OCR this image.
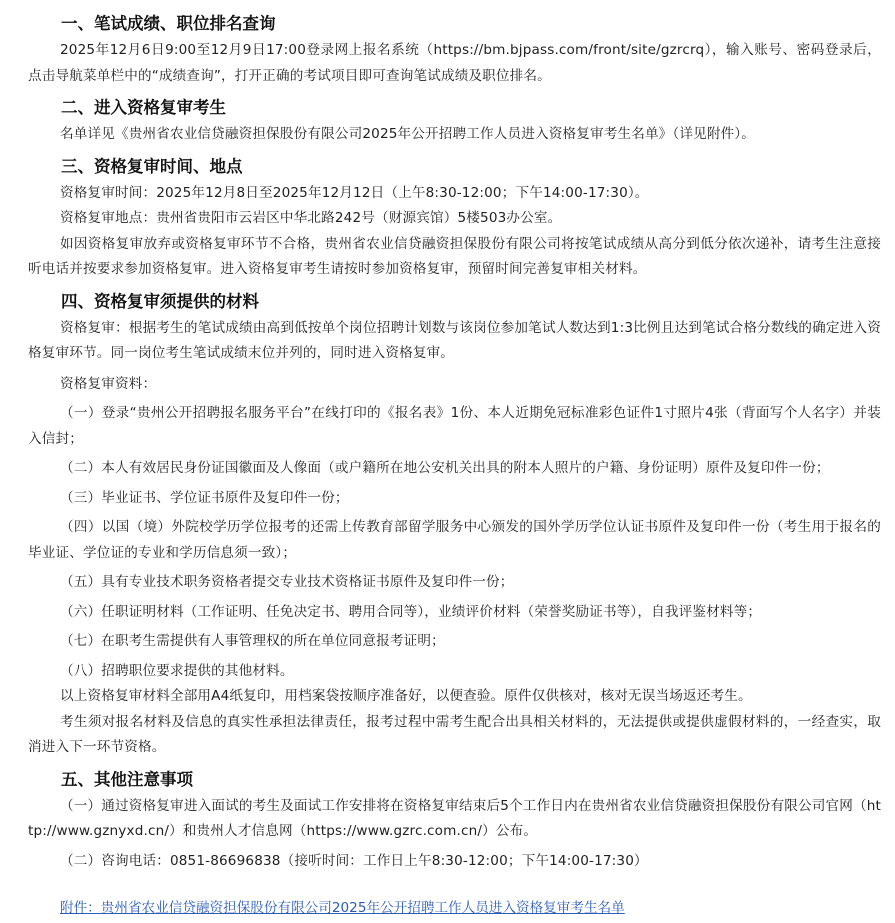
一、笔试成绩、职位排名查询

2025年12月6日9:00至12月9日17:00登录网上报名系统（https://bm.bjpass.com/front/site/gzrcrq），输入账号、密码登录后，点击导航菜单栏中的“成绩查询”，打开正确的考试项目即可查询笔试成绩及职位排名。

二、进入资格复审考生

名单详见《贵州省农业信贷融资担保股份有限公司2025年公开招聘工作人员进入资格复审考生名单》（详见附件）。

三、资格复审时间、地点

资格复审时间：2025年12月8日至2025年12月12日（上午8:30-12:00；下午14:00-17:30）。

资格复审地点：贵州省贵阳市云岩区中华北路242号（财源宾馆）5楼503办公室。

如因资格复审放弃或资格复审环节不合格，贵州省农业信贷融资担保股份有限公司将按笔试成绩从高分到低分依次递补，请考生注意接听电话并按要求参加资格复审。进入资格复审考生请按时参加资格复审，预留时间完善复审相关材料。

四、资格复审须提供的材料

资格复审：根据考生的笔试成绩由高到低按单个岗位招聘计划数与该岗位参加笔试人数达到1:3比例且达到笔试合格分数线的确定进入资格复审环节。同一岗位考生笔试成绩末位并列的，同时进入资格复审。

资格复审资料：

（一）登录“贵州公开招聘报名服务平台”在线打印的《报名表》1份、本人近期免冠标准彩色证件1寸照片4张（背面写个人名字）并装入信封；

（二）本人有效居民身份证国徽面及人像面（或户籍所在地公安机关出具的附本人照片的户籍、身份证明）原件及复印件一份；

（三）毕业证书、学位证书原件及复印件一份；

（四）以国（境）外院校学历学位报考的还需上传教育部留学服务中心颁发的国外学历学位认证书原件及复印件一份（考生用于报名的毕业证、学位证的专业和学历信息须一致）；

（五）具有专业技术职务资格者提交专业技术资格证书原件及复印件一份；

（六）任职证明材料（工作证明、任免决定书、聘用合同等），业绩评价材料（荣誉奖励证书等），自我评鉴材料等；

（七）在职考生需提供有人事管理权的所在单位同意报考证明；

（八）招聘职位要求提供的其他材料。

以上资格复审材料全部用A4纸复印，用档案袋按顺序准备好，以便查验。原件仅供核对，核对无误当场返还考生。

考生须对报名材料及信息的真实性承担法律责任，报考过程中需考生配合出具相关材料的，无法提供或提供虚假材料的，一经查实，取消进入下一环节资格。

五、其他注意事项

（一）通过资格复审进入面试的考生及面试工作安排将在资格复审结束后5个工作日内在贵州省农业信贷融资担保股份有限公司官网（http://www.gznyxd.cn/）和贵州人才信息网（https://www.gzrc.com.cn/）公布。

（二）咨询电话：0851-86696838（接听时间：工作日上午8:30-12:00；下午14:00-17:30）

附件：贵州省农业信贷融资担保股份有限公司2025年公开招聘工作人员进入资格复审考生名单
